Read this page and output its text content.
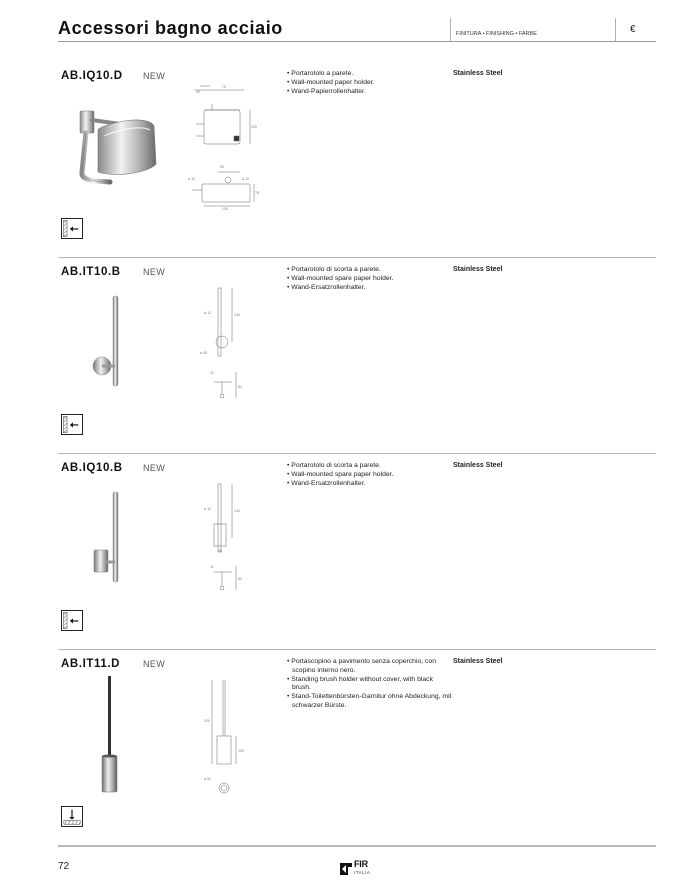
Accessori bagno acciaio	FINITURA • FINISHING • FARBE	€
AB.IQ10.D NEW
40
70
120
50
⌀ 12
⌀ 10
78
130
• Portarotolo a parete.
• Wall-mounted paper holder.
• Wand-Papierrollenhalter.
Stainless Steel
AB.IT10.B NEW
⌀ 12	134
⌀ 45
11
84
• Portarotolo di scorta a parete.
• Wall-mounted spare paper holder.
• Wand-Ersatzrollenhalter.
Stainless Steel
AB.IQ10.B NEW
⌀ 12	140
45
11
63
• Portarotolo di scorta a parete.
• Wall-mounted spare paper holder.
• Wand-Ersatzrollenhalter.
Stainless Steel
AB.IT11.D	NEW
420
100
⌀ 50
• Portascopino a pavimento senza coperchio, con scopino interno nero.
• Standing brush holder without cover, with black brush.
• Stand-Toilettenbürsten-Garnitur ohne Abdeckung, mit schwarzer Bürste.
Stainless Steel
72	FIR
ITALIA
